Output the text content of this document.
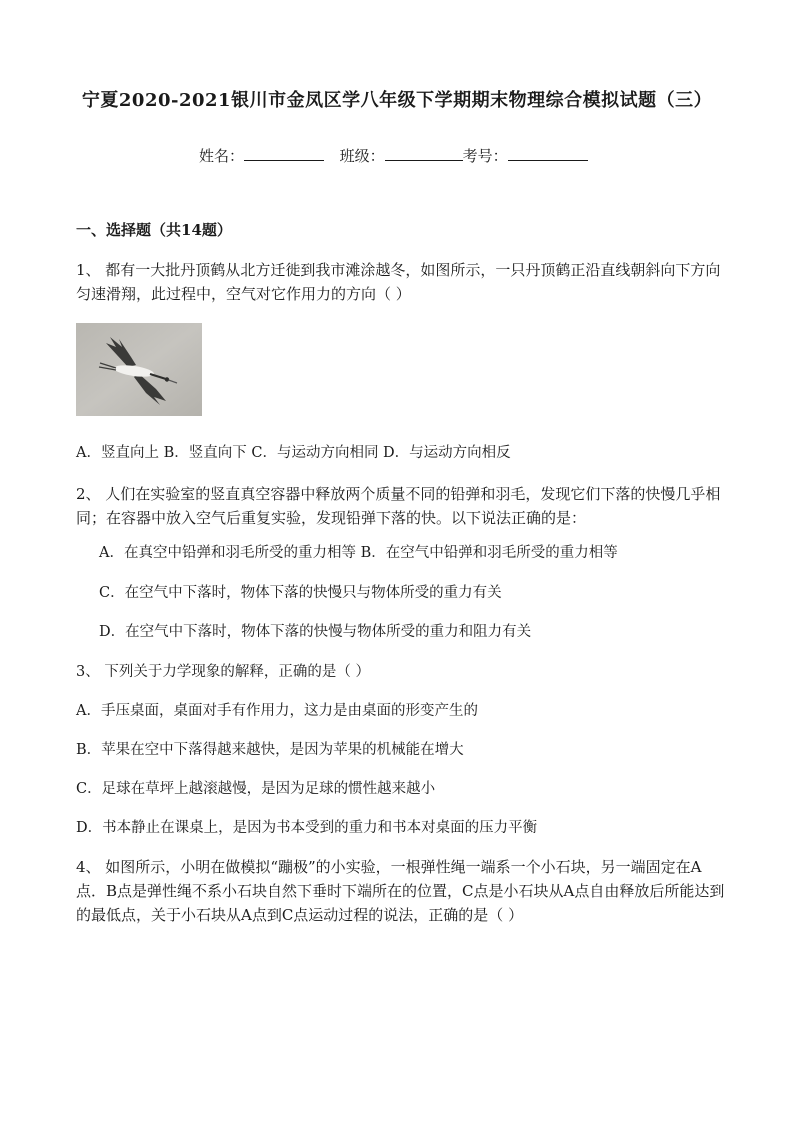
宁夏2020-2021银川市金凤区学八年级下学期期末物理综合模拟试题（三）
姓名：	班级：	考号：
一、选择题（共14题）
1、 都有一大批丹顶鹤从北方迁徙到我市滩涂越冬，如图所示，一只丹顶鹤正沿直线朝斜向下方向匀速滑翔，此过程中，空气对它作用力的方向（ ）
A．竖直向上 B．竖直向下 C．与运动方向相同 D．与运动方向相反
2、 人们在实验室的竖直真空容器中释放两个质量不同的铅弹和羽毛，发现它们下落的快慢几乎相同；在容器中放入空气后重复实验，发现铅弹下落的快。以下说法正确的是：
A．在真空中铅弹和羽毛所受的重力相等 B．在空气中铅弹和羽毛所受的重力相等
C．在空气中下落时，物体下落的快慢只与物体所受的重力有关
D．在空气中下落时，物体下落的快慢与物体所受的重力和阻力有关
3、 下列关于力学现象的解释，正确的是（ ）
A．手压桌面，桌面对手有作用力，这力是由桌面的形变产生的
B．苹果在空中下落得越来越快，是因为苹果的机械能在增大
C．足球在草坪上越滚越慢，是因为足球的惯性越来越小
D．书本静止在课桌上，是因为书本受到的重力和书本对桌面的压力平衡
4、 如图所示，小明在做模拟“蹦极”的小实验，一根弹性绳一端系一个小石块，另一端固定在A点．B点是弹性绳不系小石块自然下垂时下端所在的位置，C点是小石块从A点自由释放后所能达到的最低点，关于小石块从A点到C点运动过程的说法，正确的是（ ）
